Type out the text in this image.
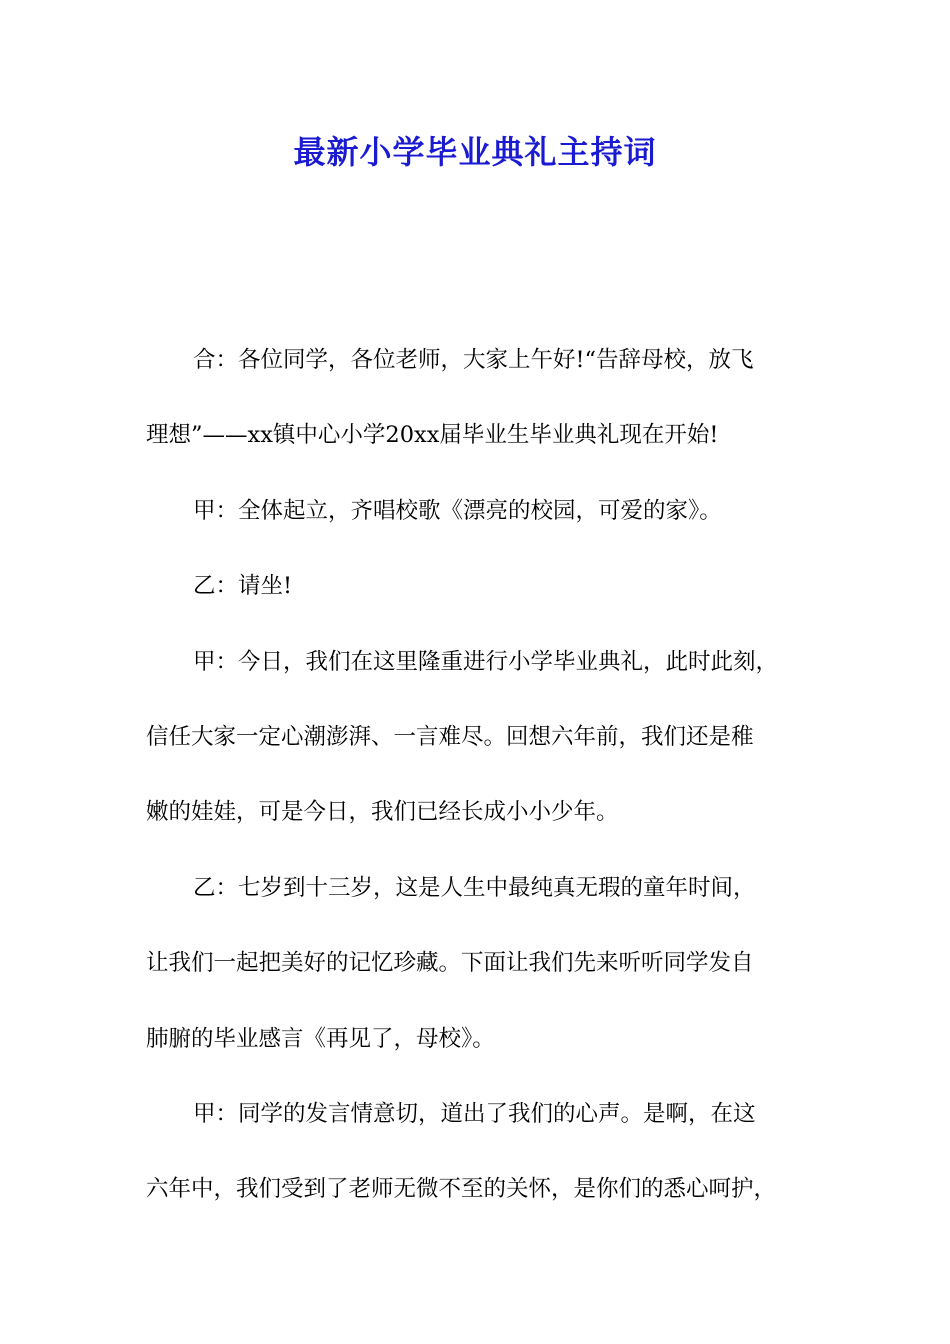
最新小学毕业典礼主持词
合：各位同学，各位老师，大家上午好!“告辞母校，放飞
理想”——xx镇中心小学20xx届毕业生毕业典礼现在开始!
甲：全体起立，齐唱校歌《漂亮的校园，可爱的家》。
乙：请坐!
甲：今日，我们在这里隆重进行小学毕业典礼，此时此刻，
信任大家一定心潮澎湃、一言难尽。回想六年前，我们还是稚
嫩的娃娃，可是今日，我们已经长成小小少年。
乙：七岁到十三岁，这是人生中最纯真无瑕的童年时间，
让我们一起把美好的记忆珍藏。下面让我们先来听听同学发自
肺腑的毕业感言《再见了，母校》。
甲：同学的发言情意切，道出了我们的心声。是啊，在这
六年中，我们受到了老师无微不至的关怀，是你们的悉心呵护，
